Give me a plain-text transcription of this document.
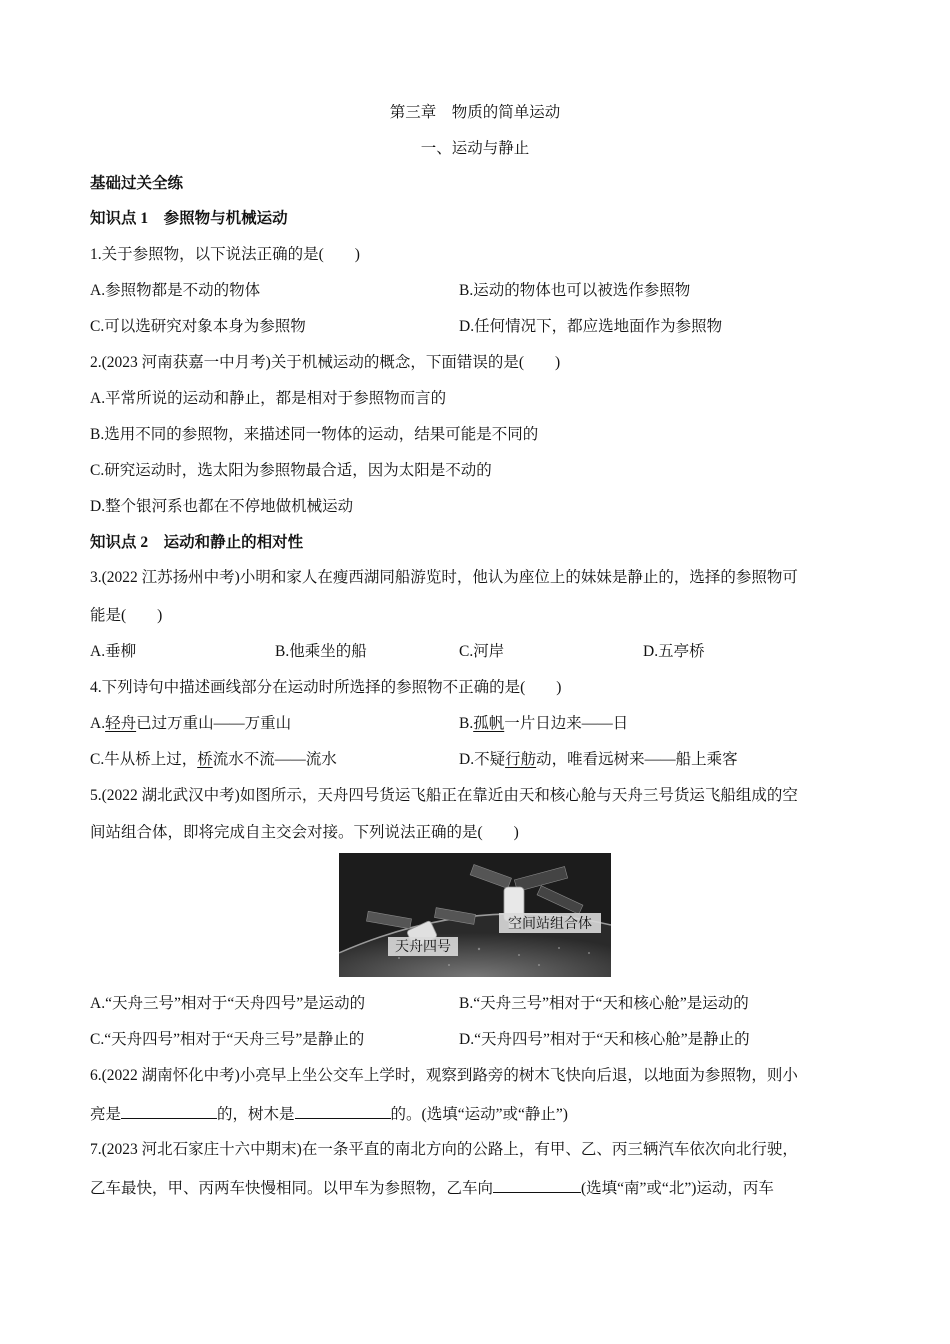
第三章　物质的简单运动
一、运动与静止
基础过关全练
知识点 1　参照物与机械运动
1.关于参照物，以下说法正确的是(　　)
A.参照物都是不动的物体	B.运动的物体也可以被选作参照物
C.可以选研究对象本身为参照物	D.任何情况下，都应选地面作为参照物
2.(2023 河南获嘉一中月考)关于机械运动的概念，下面错误的是(　　)
A.平常所说的运动和静止，都是相对于参照物而言的
B.选用不同的参照物，来描述同一物体的运动，结果可能是不同的
C.研究运动时，选太阳为参照物最合适，因为太阳是不动的
D.整个银河系也都在不停地做机械运动
知识点 2　运动和静止的相对性
3.(2022 江苏扬州中考)小明和家人在瘦西湖同船游览时，他认为座位上的妹妹是静止的，选择的参照物可
能是(　　)
A.垂柳	B.他乘坐的船	C.河岸	D.五亭桥
4.下列诗句中描述画线部分在运动时所选择的参照物不正确的是(　　)
A.轻舟已过万重山——万重山	B.孤帆一片日边来——日
C.牛从桥上过，桥流水不流——流水	D.不疑行舫动，唯看远树来——船上乘客
5.(2022 湖北武汉中考)如图所示，天舟四号货运飞船正在靠近由天和核心舱与天舟三号货运飞船组成的空
间站组合体，即将完成自主交会对接。下列说法正确的是(　　)
空间站组合体
天舟四号
A.“天舟三号”相对于“天舟四号”是运动的	B.“天舟三号”相对于“天和核心舱”是运动的
C.“天舟四号”相对于“天舟三号”是静止的	D.“天舟四号”相对于“天和核心舱”是静止的
6.(2022 湖南怀化中考)小亮早上坐公交车上学时，观察到路旁的树木飞快向后退，以地面为参照物，则小
亮是	的，树木是	的。(选填“运动”或“静止”)
7.(2023 河北石家庄十六中期末)在一条平直的南北方向的公路上，有甲、乙、丙三辆汽车依次向北行驶，
乙车最快，甲、丙两车快慢相同。以甲车为参照物，乙车向	(选填“南”或“北”)运动，丙车
